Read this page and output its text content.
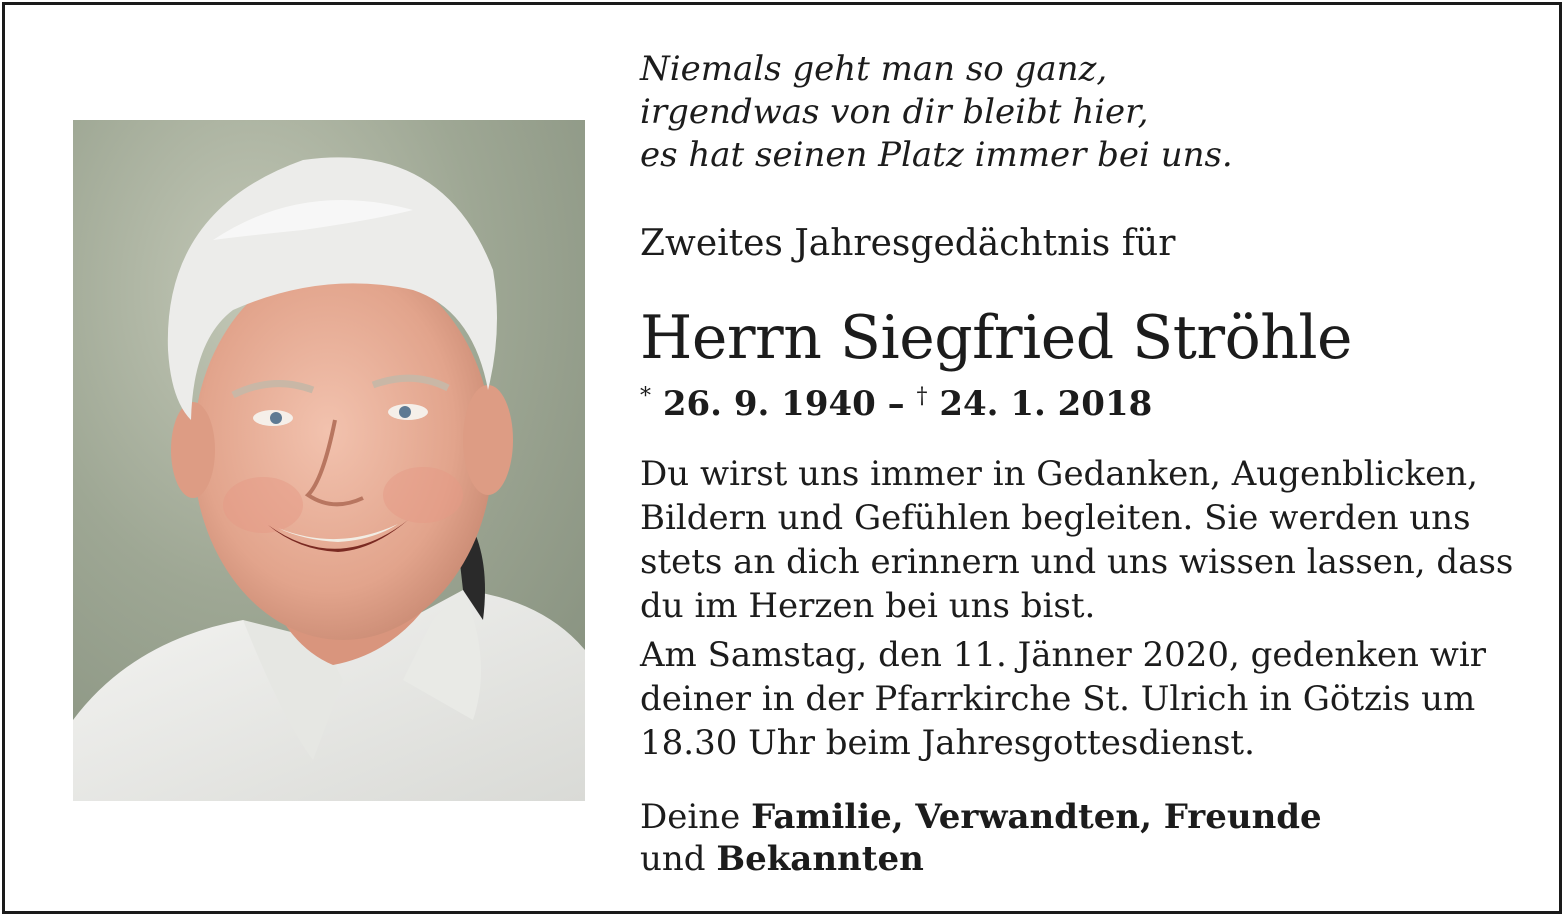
Niemals geht man so ganz,
irgendwas von dir bleibt hier,
es hat seinen Platz immer bei uns.
Zweites Jahresgedächtnis für
Herrn Siegfried Ströhle
* 26. 9. 1940 – † 24. 1. 2018
Du wirst uns immer in Gedanken, Augenblicken,
Bildern und Gefühlen begleiten. Sie werden uns
stets an dich erinnern und uns wissen lassen, dass
du im Herzen bei uns bist.
Am Samstag, den 11. Jänner 2020, gedenken wir
deiner in der Pfarrkirche St. Ulrich in Götzis um
18.30 Uhr beim Jahresgottesdienst.
Deine Familie, Verwandten, Freunde
und Bekannten
